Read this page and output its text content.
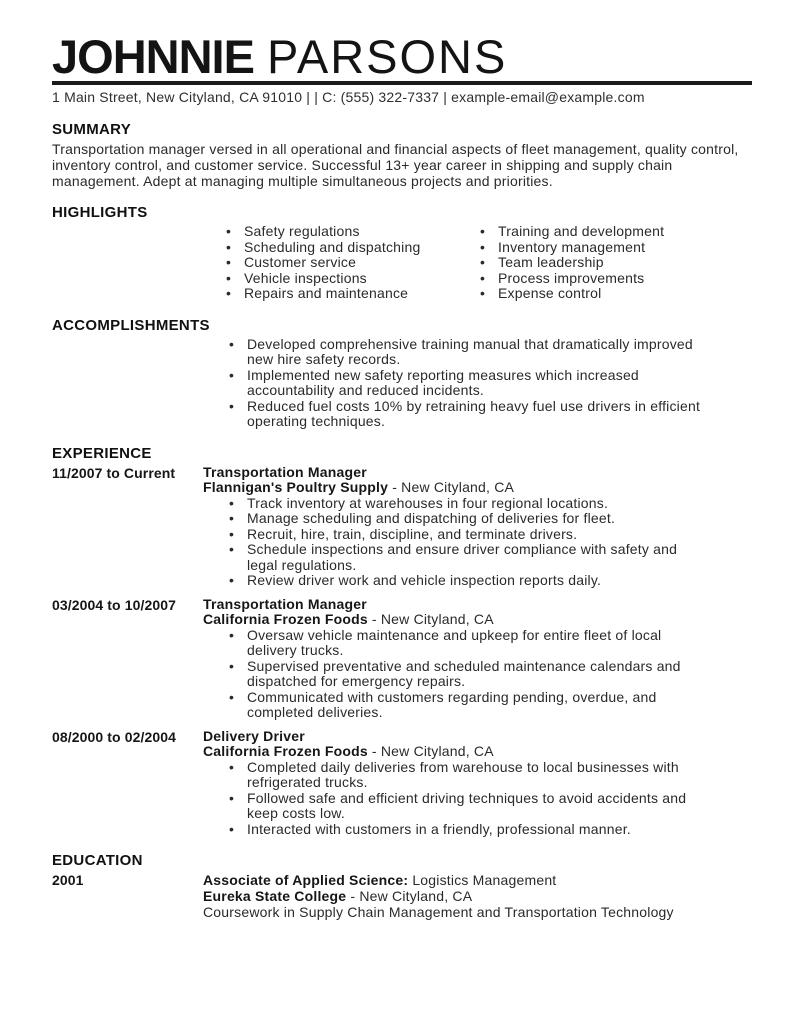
JOHNNIE PARSONS
1 Main Street, New Cityland, CA 91010 | | C: (555) 322-7337 | example-email@example.com
SUMMARY

Transportation manager versed in all operational and financial aspects of fleet management, quality control, inventory control, and customer service. Successful 13+ year career in shipping and supply chain management. Adept at managing multiple simultaneous projects and priorities.

HIGHLIGHTS
• Safety regulations
• Scheduling and dispatching
• Customer service
• Vehicle inspections
• Repairs and maintenance
• Training and development
• Inventory management
• Team leadership
• Process improvements
• Expense control
ACCOMPLISHMENTS
• Developed comprehensive training manual that dramatically improved new hire safety records.
• Implemented new safety reporting measures which increased accountability and reduced incidents.
• Reduced fuel costs 10% by retraining heavy fuel use drivers in efficient operating techniques.
EXPERIENCE
11/2007 to Current	Transportation Manager
Flannigan's Poultry Supply - New Cityland, CA
• Track inventory at warehouses in four regional locations.
• Manage scheduling and dispatching of deliveries for fleet.
• Recruit, hire, train, discipline, and terminate drivers.
• Schedule inspections and ensure driver compliance with safety and legal regulations.
• Review driver work and vehicle inspection reports daily.
03/2004 to 10/2007	Transportation Manager
California Frozen Foods - New Cityland, CA
• Oversaw vehicle maintenance and upkeep for entire fleet of local delivery trucks.
• Supervised preventative and scheduled maintenance calendars and dispatched for emergency repairs.
• Communicated with customers regarding pending, overdue, and completed deliveries.
08/2000 to 02/2004	Delivery Driver
California Frozen Foods - New Cityland, CA
• Completed daily deliveries from warehouse to local businesses with refrigerated trucks.
• Followed safe and efficient driving techniques to avoid accidents and keep costs low.
• Interacted with customers in a friendly, professional manner.
EDUCATION
2001	Associate of Applied Science: Logistics Management
Eureka State College - New Cityland, CA
Coursework in Supply Chain Management and Transportation Technology
